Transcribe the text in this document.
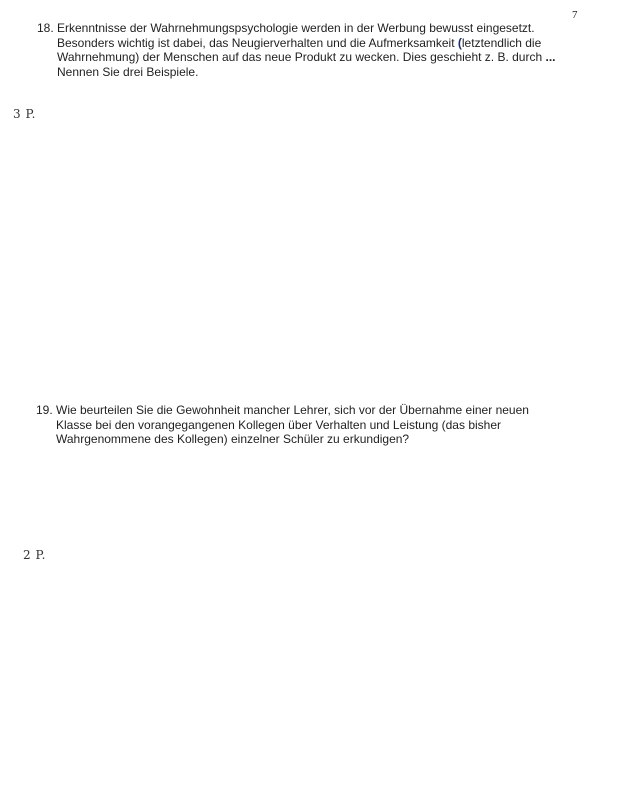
7
18. Erkenntnisse der Wahrnehmungspsychologie werden in der Werbung bewusst eingesetzt.
Besonders wichtig ist dabei, das Neugierverhalten und die Aufmerksamkeit (letztendlich die
Wahrnehmung) der Menschen auf das neue Produkt zu wecken. Dies geschieht z. B. durch ...
Nennen Sie drei Beispiele.
3 P.
19. Wie beurteilen Sie die Gewohnheit mancher Lehrer, sich vor der Übernahme einer neuen
Klasse bei den vorangegangenen Kollegen über Verhalten und Leistung (das bisher
Wahrgenommene des Kollegen) einzelner Schüler zu erkundigen?
2 P.
